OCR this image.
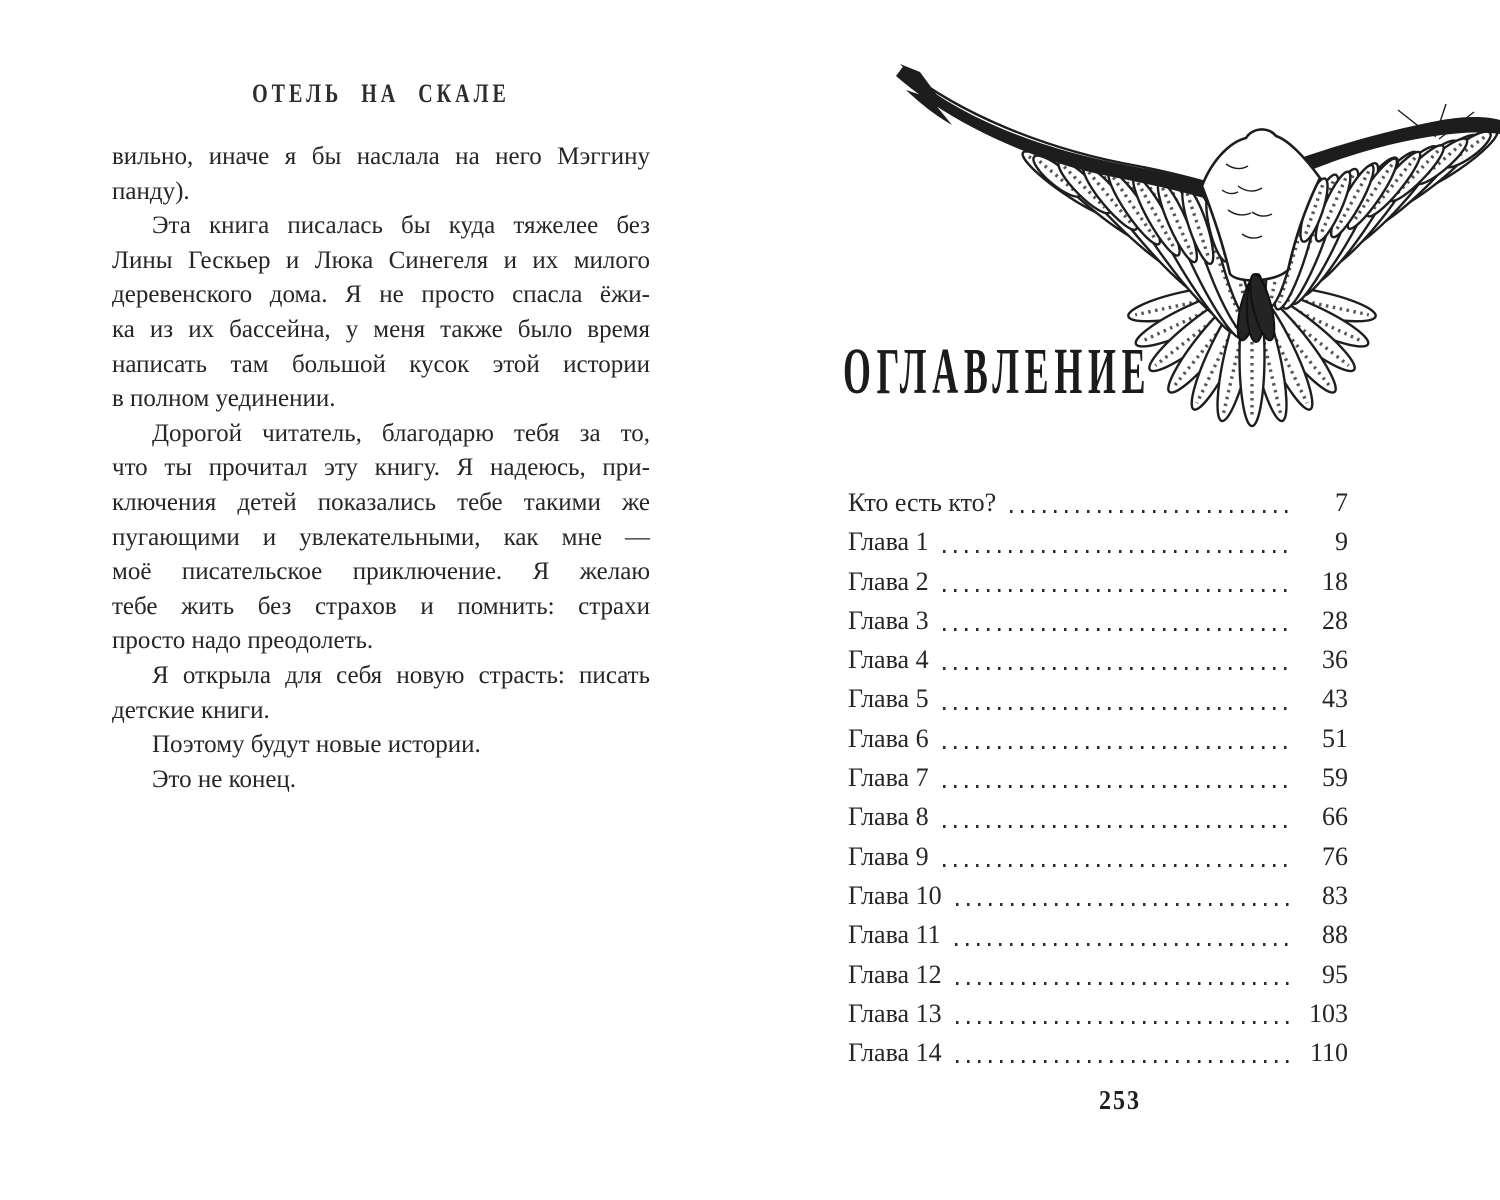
ОТЕЛЬ НА СКАЛЕ
вильно, иначе я бы наслала на него Мэггину
панду).
Эта книга писалась бы куда тяжелее без
Лины Гескьер и Люка Синегеля и их милого
деревенского дома. Я не просто спасла ёжи-
ка из их бассейна, у меня также было время
написать там большой кусок этой истории
в полном уединении.
Дорогой читатель, благодарю тебя за то,
что ты прочитал эту книгу. Я надеюсь, при-
ключения детей показались тебе такими же
пугающими и увлекательными, как мне —
моё писательское приключение. Я желаю
тебе жить без страхов и помнить: страхи
просто надо преодолеть.
Я открыла для себя новую страсть: писать
детские книги.
Поэтому будут новые истории.
Это не конец.
ОГЛАВЛЕНИЕ
Кто есть кто?	7
Глава 1	9
Глава 2	18
Глава 3	28
Глава 4	36
Глава 5	43
Глава 6	51
Глава 7	59
Глава 8	66
Глава 9	76
Глава 10	83
Глава 11	88
Глава 12	95
Глава 13	103
Глава 14	110
253
